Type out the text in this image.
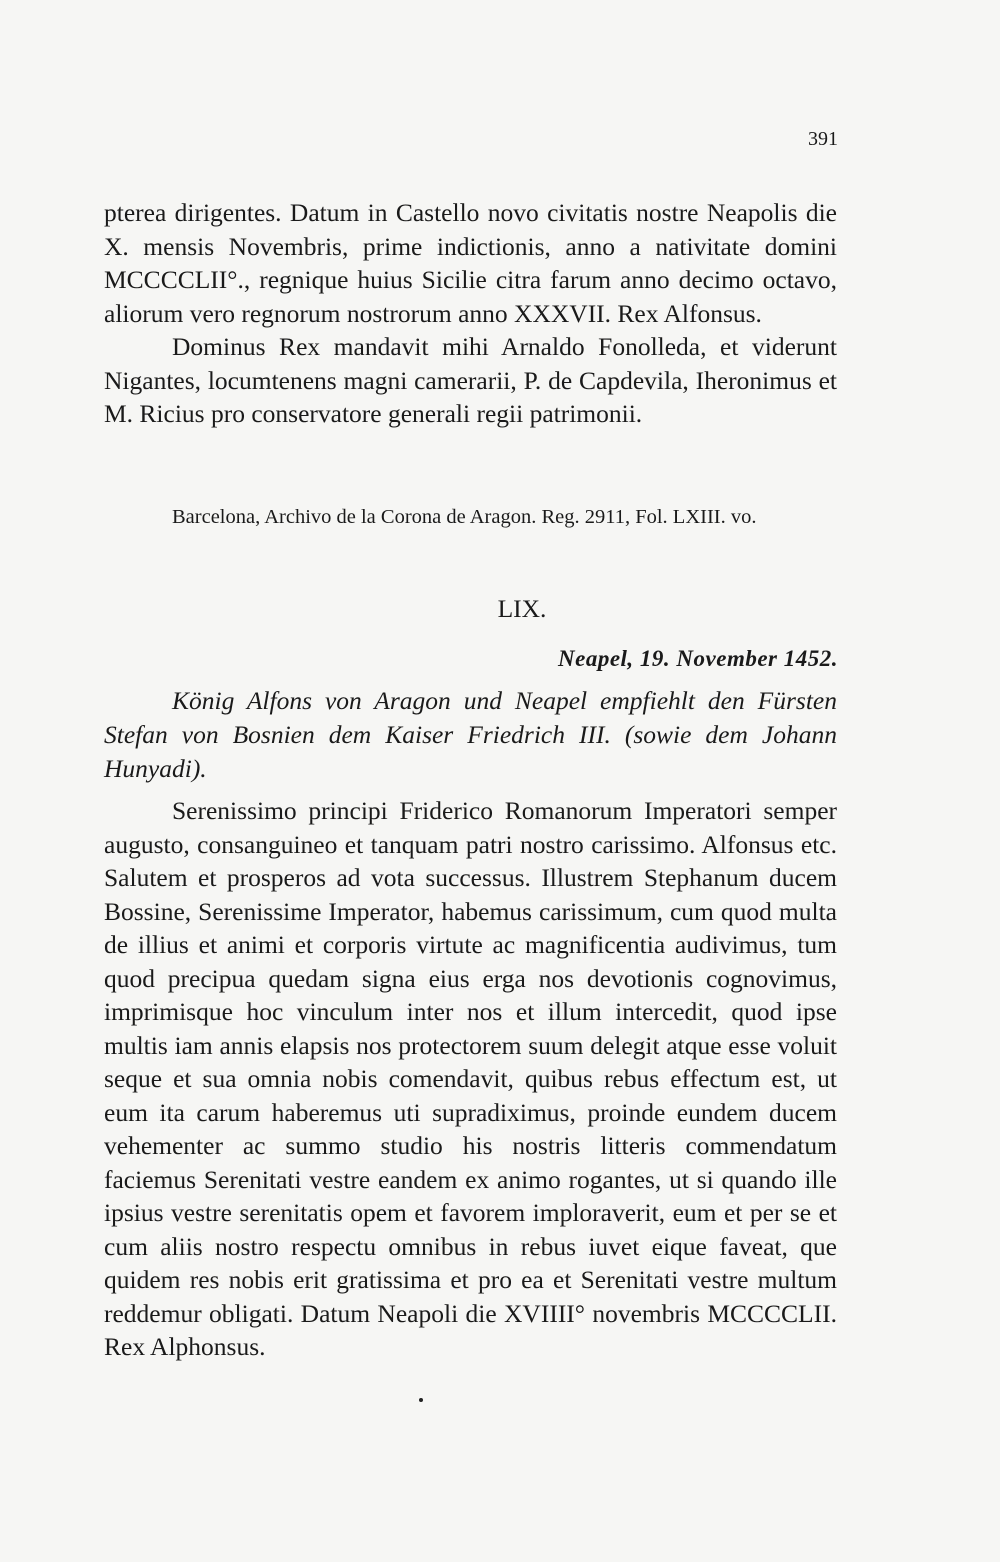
391

pterea dirigentes. Datum in Castello novo civitatis nostre Neapolis die X. mensis Novembris, prime indictionis, anno a nativitate domini MCCCCLII°., regnique huius Sicilie citra farum anno decimo octavo, aliorum vero regnorum nostrorum anno XXXVII. Rex Alfonsus.

Dominus Rex mandavit mihi Arnaldo Fonolleda, et viderunt Nigantes, locumtenens magni camerarii, P. de Capdevila, Iheronimus et M. Ricius pro conservatore generali regii patrimonii.

Barcelona, Archivo de la Corona de Aragon. Reg. 2911, Fol. LXIII. vo.

LIX.
Neapel, 19. November 1452.

König Alfons von Aragon und Neapel empfiehlt den Fürsten Stefan von Bosnien dem Kaiser Friedrich III. (sowie dem Johann Hunyadi).

Serenissimo principi Friderico Romanorum Imperatori semper augusto, consanguineo et tanquam patri nostro carissimo. Alfonsus etc. Salutem et prosperos ad vota successus. Illustrem Stephanum ducem Bossine, Serenissime Imperator, habemus carissimum, cum quod multa de illius et animi et corporis virtute ac magnificentia audivimus, tum quod precipua quedam signa eius erga nos devotionis cognovimus, imprimisque hoc vinculum inter nos et illum intercedit, quod ipse multis iam annis elapsis nos protectorem suum delegit atque esse voluit seque et sua omnia nobis comendavit, quibus rebus effectum est, ut eum ita carum haberemus uti supradiximus, proinde eundem ducem vehementer ac summo studio his nostris litteris commendatum faciemus Serenitati vestre eandem ex animo rogantes, ut si quando ille ipsius vestre serenitatis opem et favorem imploraverit, eum et per se et cum aliis nostro respectu omnibus in rebus iuvet eique faveat, que quidem res nobis erit gratissima et pro ea et Serenitati vestre multum reddemur obligati. Datum Neapoli die XVIIII° novembris MCCCCLII. Rex Alphonsus.
